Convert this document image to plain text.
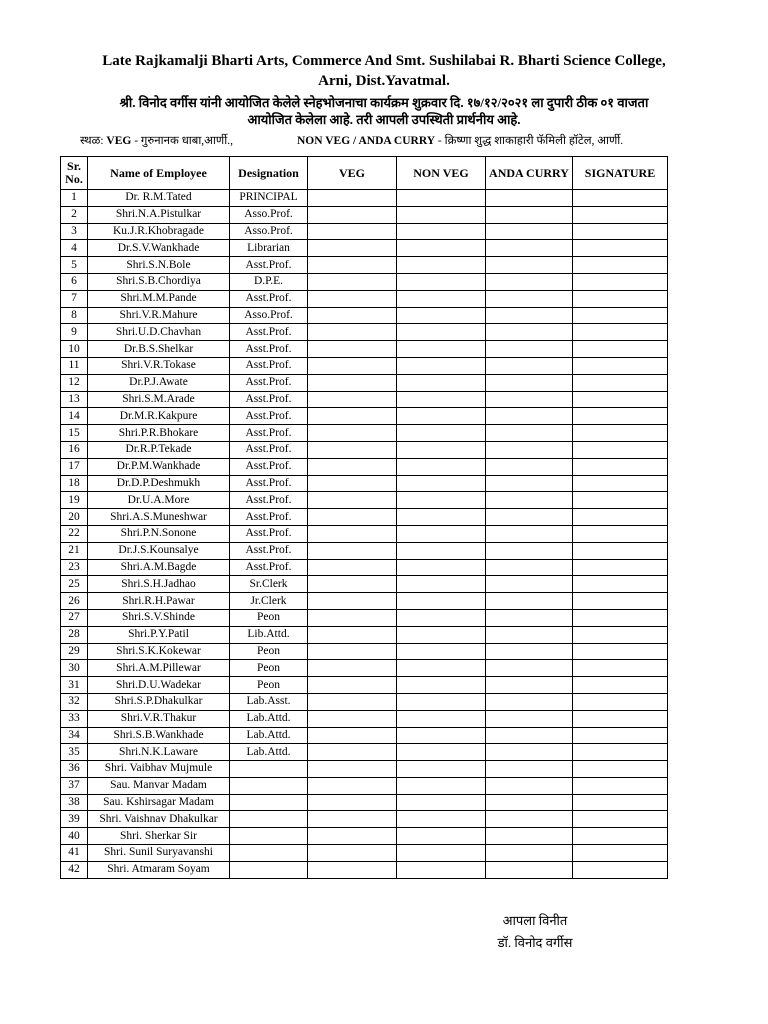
Late Rajkamalji Bharti Arts, Commerce And Smt. Sushilabai R. Bharti Science College,
Arni, Dist.Yavatmal.
श्री. विनोद वर्गीस यांनी आयोजित केलेले स्नेहभोजनाचा कार्यक्रम शुक्रवार दि. १७/१२/२०२१ ला दुपारी ठीक ०१ वाजता
आयोजित केलेला आहे. तरी आपली उपस्थिती प्रार्थनीय आहे.
स्थळ: VEG - गुरुनानक धाबा,आर्णी.,	NON VEG / ANDA CURRY - क्रिष्णा शुद्ध शाकाहारी फॅमिली हॉटेल, आर्णी.
Sr.
No.	Name of Employee	Designation	VEG	NON VEG	ANDA CURRY	SIGNATURE
1	Dr. R.M.Tated	PRINCIPAL				
2	Shri.N.A.Pistulkar	Asso.Prof.				
3	Ku.J.R.Khobragade	Asso.Prof.				
4	Dr.S.V.Wankhade	Librarian				
5	Shri.S.N.Bole	Asst.Prof.				
6	Shri.S.B.Chordiya	D.P.E.				
7	Shri.M.M.Pande	Asst.Prof.				
8	Shri.V.R.Mahure	Asso.Prof.				
9	Shri.U.D.Chavhan	Asst.Prof.				
10	Dr.B.S.Shelkar	Asst.Prof.				
11	Shri.V.R.Tokase	Asst.Prof.				
12	Dr.P.J.Awate	Asst.Prof.				
13	Shri.S.M.Arade	Asst.Prof.				
14	Dr.M.R.Kakpure	Asst.Prof.				
15	Shri.P.R.Bhokare	Asst.Prof.				
16	Dr.R.P.Tekade	Asst.Prof.				
17	Dr.P.M.Wankhade	Asst.Prof.				
18	Dr.D.P.Deshmukh	Asst.Prof.				
19	Dr.U.A.More	Asst.Prof.				
20	Shri.A.S.Muneshwar	Asst.Prof.				
22	Shri.P.N.Sonone	Asst.Prof.				
21	Dr.J.S.Kounsalye	Asst.Prof.				
23	Shri.A.M.Bagde	Asst.Prof.				
25	Shri.S.H.Jadhao	Sr.Clerk				
26	Shri.R.H.Pawar	Jr.Clerk				
27	Shri.S.V.Shinde	Peon				
28	Shri.P.Y.Patil	Lib.Attd.				
29	Shri.S.K.Kokewar	Peon				
30	Shri.A.M.Pillewar	Peon				
31	Shri.D.U.Wadekar	Peon				
32	Shri.S.P.Dhakulkar	Lab.Asst.				
33	Shri.V.R.Thakur	Lab.Attd.				
34	Shri.S.B.Wankhade	Lab.Attd.				
35	Shri.N.K.Laware	Lab.Attd.				
36	Shri. Vaibhav Mujmule					
37	Sau. Manvar Madam					
38	Sau. Kshirsagar Madam					
39	Shri. Vaishnav Dhakulkar					
40	Shri. Sherkar Sir					
41	Shri. Sunil Suryavanshi					
42	Shri. Atmaram Soyam					
आपला विनीत
डॉ. विनोद वर्गीस
